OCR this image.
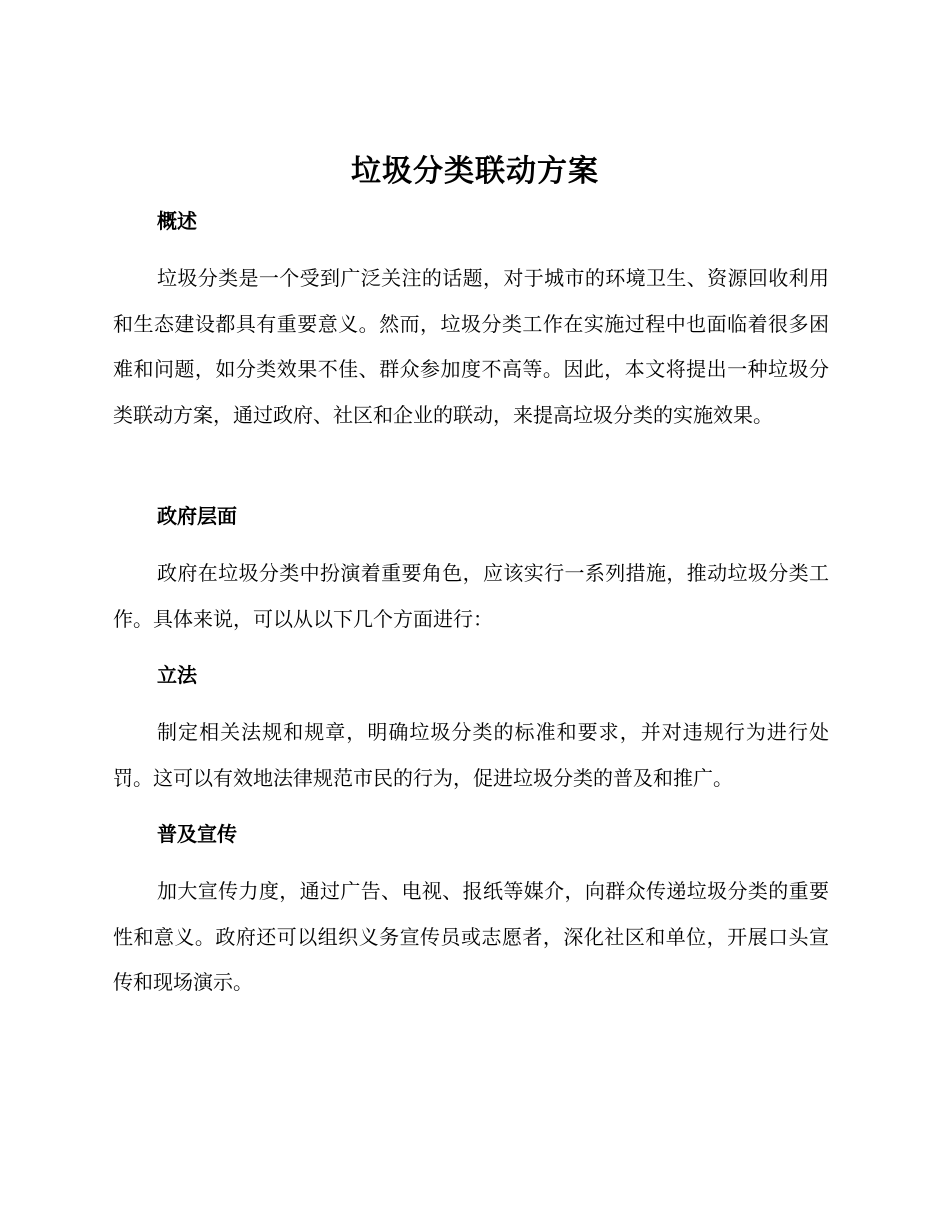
垃圾分类联动方案
概述
垃圾分类是一个受到广泛关注的话题，对于城市的环境卫生、资源回收利用和生态建设都具有重要意义。然而，垃圾分类工作在实施过程中也面临着很多困难和问题，如分类效果不佳、群众参加度不高等。因此，本文将提出一种垃圾分类联动方案，通过政府、社区和企业的联动，来提高垃圾分类的实施效果。
政府层面
政府在垃圾分类中扮演着重要角色，应该实行一系列措施，推动垃圾分类工作。具体来说，可以从以下几个方面进行：
立法
制定相关法规和规章，明确垃圾分类的标准和要求，并对违规行为进行处罚。这可以有效地法律规范市民的行为，促进垃圾分类的普及和推广。
普及宣传
加大宣传力度，通过广告、电视、报纸等媒介，向群众传递垃圾分类的重要性和意义。政府还可以组织义务宣传员或志愿者，深化社区和单位，开展口头宣传和现场演示。
